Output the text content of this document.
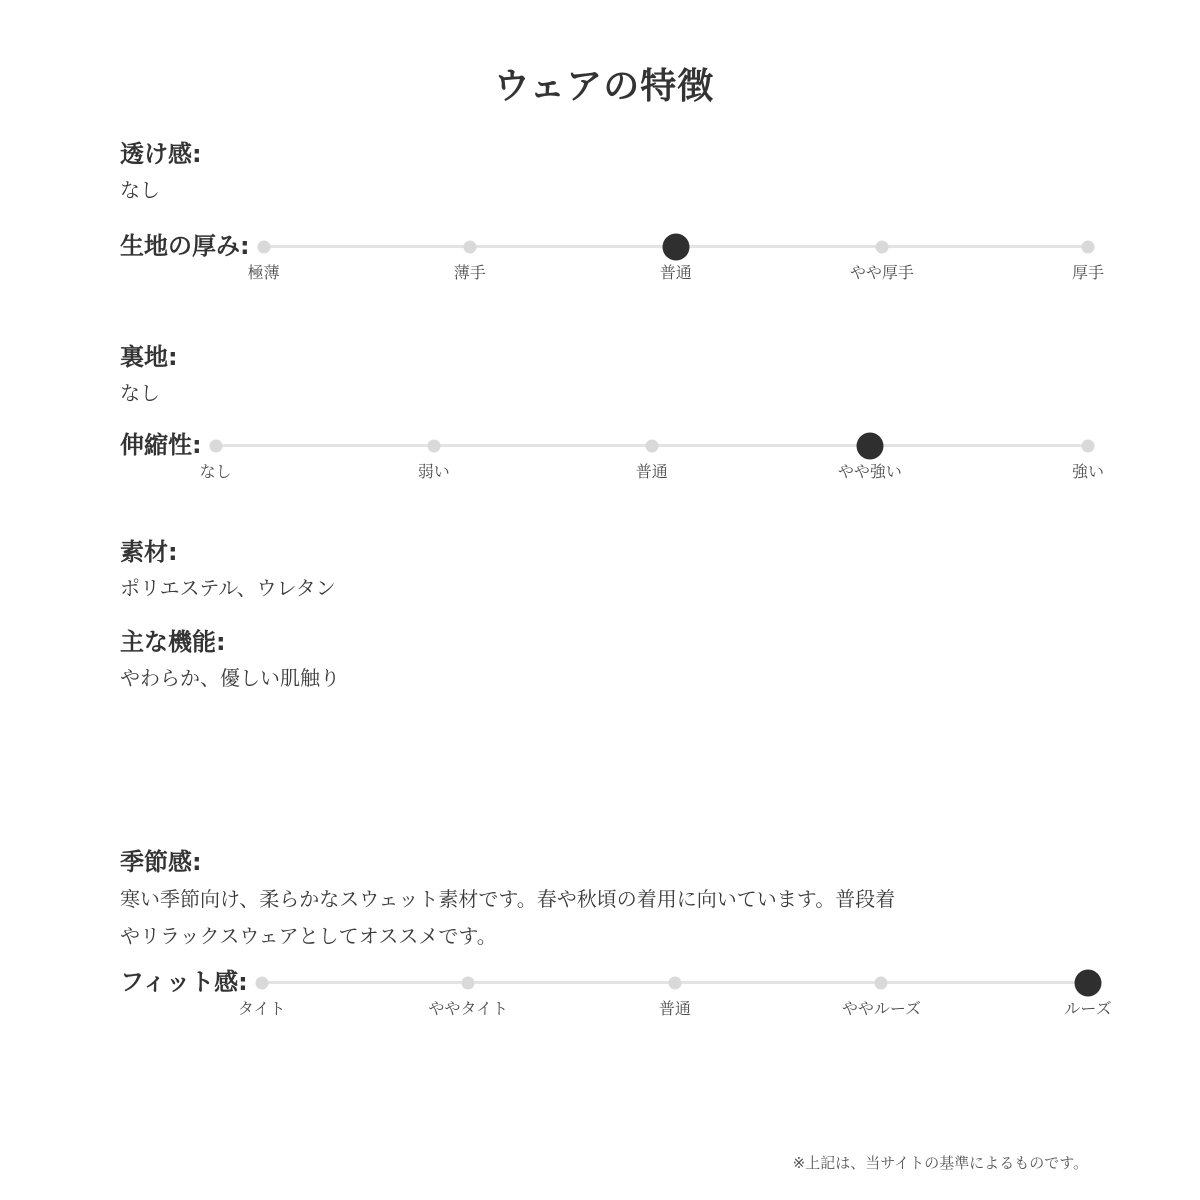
ウェアの特徴
透け感:
なし
生地の厚み:
極薄	薄手	普通	やや厚手	厚手
裏地:
なし
伸縮性:
なし	弱い	普通	やや強い	強い
素材:
ポリエステル、ウレタン
主な機能:
やわらか、優しい肌触り
季節感:
寒い季節向け、柔らかなスウェット素材です。春や秋頃の着用に向いています。普段着やリラックスウェアとしてオススメです。
フィット感:
タイト	ややタイト	普通	ややルーズ	ルーズ
※上記は、当サイトの基準によるものです。
